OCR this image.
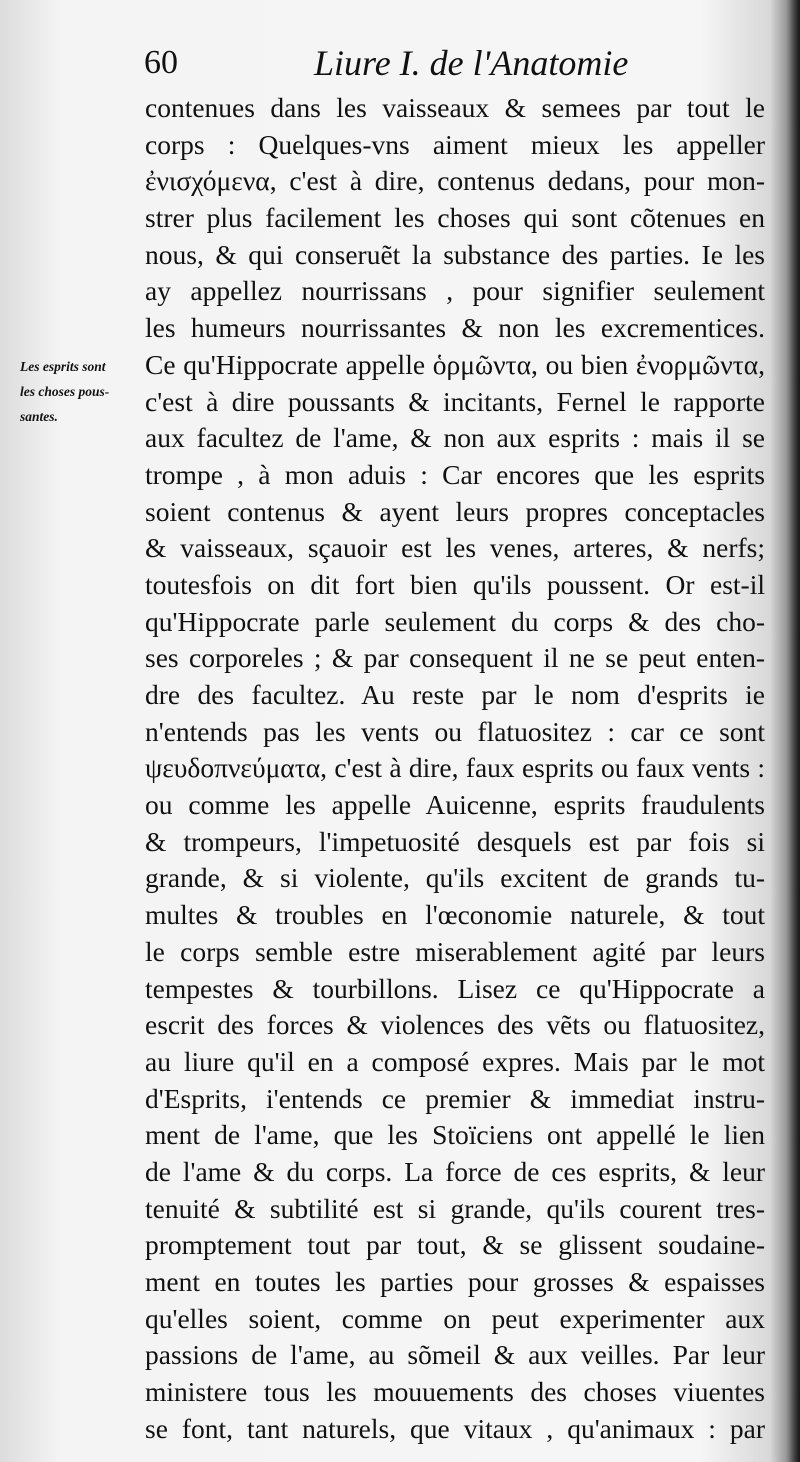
60	Liure I. de l'Anatomie
Les esprits sont
les choses pous-
santes.
contenues dans les vaisseaux & semees par tout le
corps : Quelques-vns aiment mieux les appeller
ἐνισχόμενα, c'est à dire, contenus dedans, pour mon-
strer plus facilement les choses qui sont cõtenues en
nous, & qui conseruẽt la substance des parties. Ie les
ay appellez nourrissans , pour signifier seulement
les humeurs nourrissantes & non les excrementices.
Ce qu'Hippocrate appelle ὁρμῶντα, ou bien ἐνορμῶντα,
c'est à dire poussants & incitants, Fernel le rapporte
aux facultez de l'ame, & non aux esprits : mais il se
trompe , à mon aduis : Car encores que les esprits
soient contenus & ayent leurs propres conceptacles
& vaisseaux, sçauoir est les venes, arteres, & nerfs;
toutesfois on dit fort bien qu'ils poussent. Or est-il
qu'Hippocrate parle seulement du corps & des cho-
ses corporeles ; & par consequent il ne se peut enten-
dre des facultez. Au reste par le nom d'esprits ie
n'entends pas les vents ou flatuositez : car ce sont
ψευδοπνεύματα, c'est à dire, faux esprits ou faux vents :
ou comme les appelle Auicenne, esprits fraudulents
& trompeurs, l'impetuosité desquels est par fois si
grande, & si violente, qu'ils excitent de grands tu-
multes & troubles en l'œconomie naturele, & tout
le corps semble estre miserablement agité par leurs
tempestes & tourbillons. Lisez ce qu'Hippocrate a
escrit des forces & violences des vẽts ou flatuositez,
au liure qu'il en a composé expres. Mais par le mot
d'Esprits, i'entends ce premier & immediat instru-
ment de l'ame, que les Stoïciens ont appellé le lien
de l'ame & du corps. La force de ces esprits, & leur
tenuité & subtilité est si grande, qu'ils courent tres-
promptement tout par tout, & se glissent soudaine-
ment en toutes les parties pour grosses & espaisses
qu'elles soient, comme on peut experimenter aux
passions de l'ame, au sõmeil & aux veilles. Par leur
ministere tous les mouuements des choses viuentes
se font, tant naturels, que vitaux , qu'animaux : par
